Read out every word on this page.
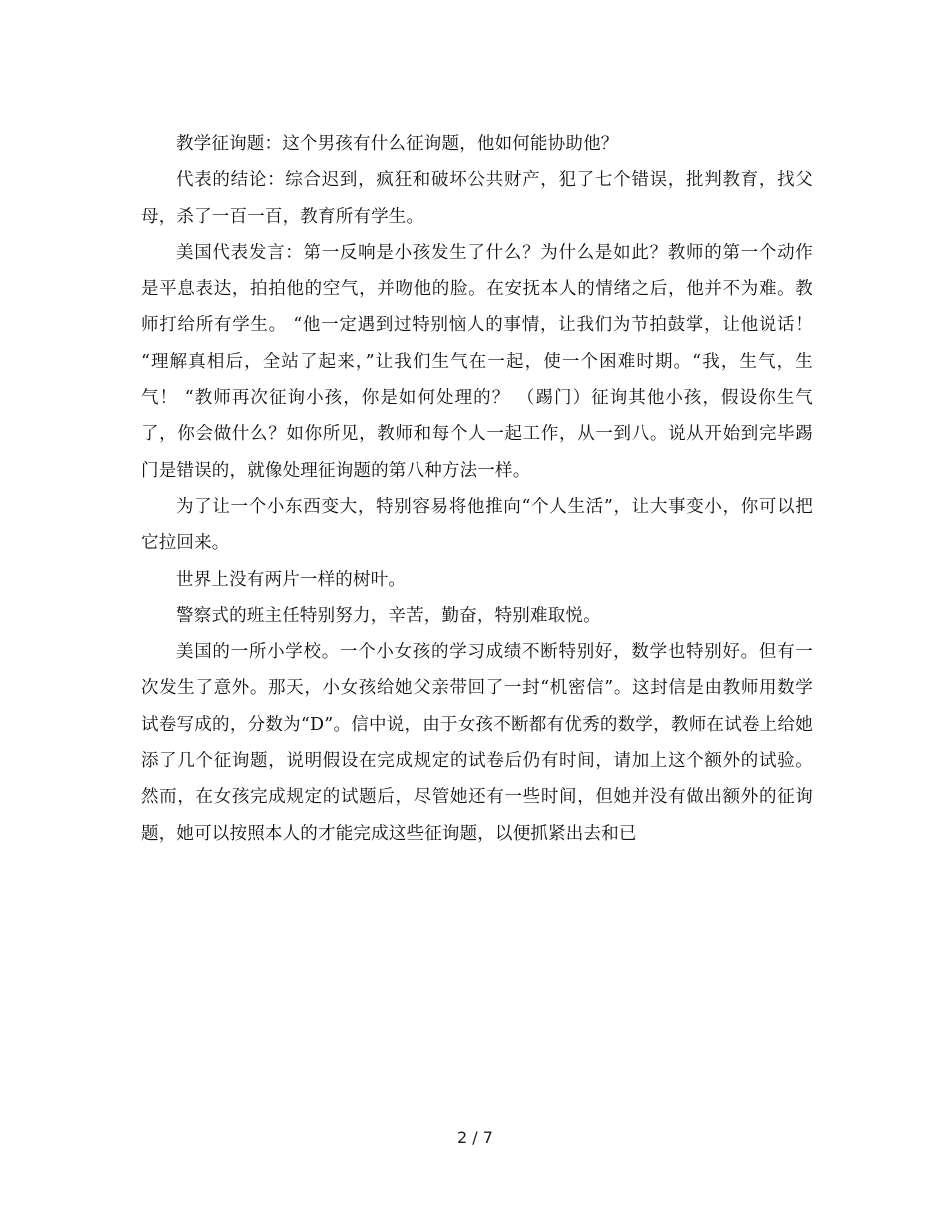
教学征询题：这个男孩有什么征询题，他如何能协助他？

代表的结论：综合迟到，疯狂和破坏公共财产，犯了七个错误，批判教育，找父母，杀了一百一百，教育所有学生。

美国代表发言：第一反响是小孩发生了什么？为什么是如此？教师的第一个动作是平息表达，拍拍他的空气，并吻他的脸。在安抚本人的情绪之后，他并不为难。教师打给所有学生。 “他一定遇到过特别恼人的事情，让我们为节拍鼓掌，让他说话！ “理解真相后，全站了起来，”让我们生气在一起，使一个困难时期。“我，生气，生气！ “教师再次征询小孩，你是如何处理的？ （踢门）征询其他小孩，假设你生气了，你会做什么？如你所见，教师和每个人一起工作，从一到八。说从开始到完毕踢门是错误的，就像处理征询题的第八种方法一样。

为了让一个小东西变大，特别容易将他推向“个人生活”，让大事变小，你可以把它拉回来。

世界上没有两片一样的树叶。

警察式的班主任特别努力，辛苦，勤奋，特别难取悦。

美国的一所小学校。一个小女孩的学习成绩不断特别好，数学也特别好。但有一次发生了意外。那天，小女孩给她父亲带回了一封“机密信”。这封信是由教师用数学试卷写成的，分数为“D”。信中说，由于女孩不断都有优秀的数学，教师在试卷上给她添了几个征询题，说明假设在完成规定的试卷后仍有时间，请加上这个额外的试验。然而，在女孩完成规定的试题后，尽管她还有一些时间，但她并没有做出额外的征询题，她可以按照本人的才能完成这些征询题，以便抓紧出去和已

2 / 7
